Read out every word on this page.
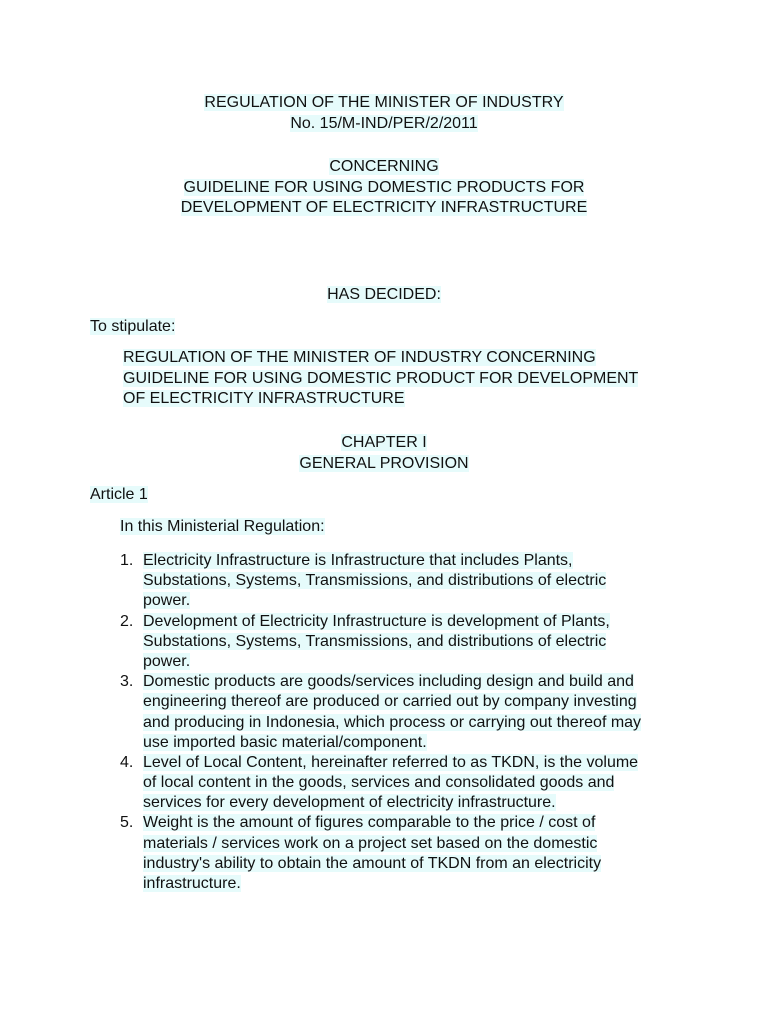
REGULATION OF THE MINISTER OF INDUSTRY
No. 15/M-IND/PER/2/2011
CONCERNING
GUIDELINE FOR USING DOMESTIC PRODUCTS FOR
DEVELOPMENT OF ELECTRICITY INFRASTRUCTURE
HAS DECIDED:
To stipulate:
REGULATION OF THE MINISTER OF INDUSTRY CONCERNING
GUIDELINE FOR USING DOMESTIC PRODUCT FOR DEVELOPMENT
OF ELECTRICITY INFRASTRUCTURE
CHAPTER I
GENERAL PROVISION
Article 1
In this Ministerial Regulation:
1. Electricity Infrastructure is Infrastructure that includes Plants,
Substations, Systems, Transmissions, and distributions of electric
power.
2. Development of Electricity Infrastructure is development of Plants,
Substations, Systems, Transmissions, and distributions of electric
power.
3. Domestic products are goods/services including design and build and
engineering thereof are produced or carried out by company investing
and producing in Indonesia, which process or carrying out thereof may
use imported basic material/component.
4. Level of Local Content, hereinafter referred to as TKDN, is the volume
of local content in the goods, services and consolidated goods and
services for every development of electricity infrastructure.
5. Weight is the amount of figures comparable to the price / cost of
materials / services work on a project set based on the domestic
industry's ability to obtain the amount of TKDN from an electricity
infrastructure.
